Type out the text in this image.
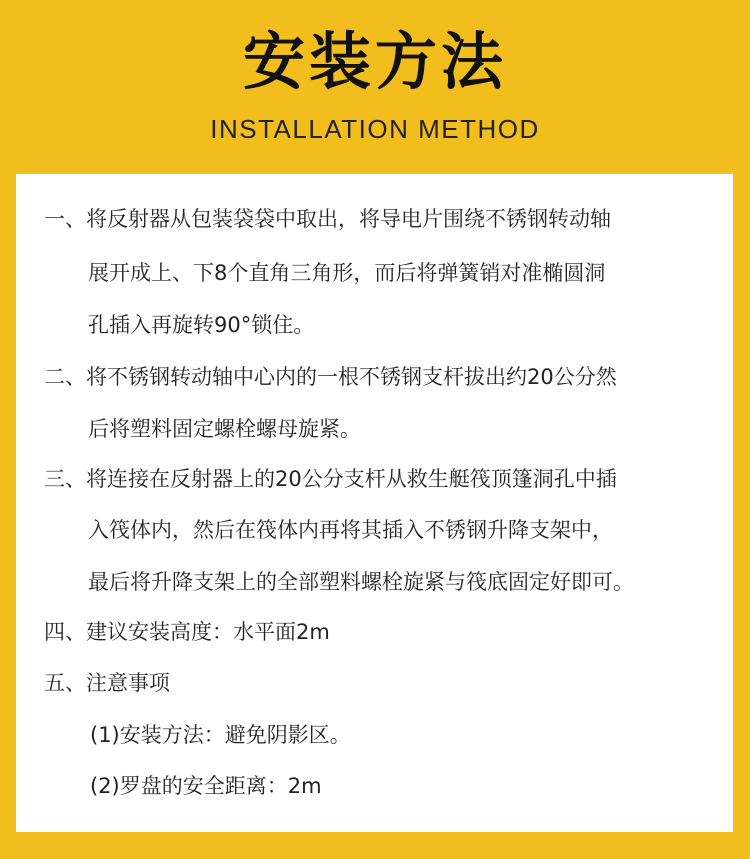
安装方法
INSTALLATION METHOD
一、将反射器从包装袋袋中取出，将导电片围绕不锈钢转动轴
展开成上、下8个直角三角形，而后将弹簧销对准椭圆洞
孔插入再旋转90°锁住。
二、将不锈钢转动轴中心内的一根不锈钢支杆拔出约20公分然
后将塑料固定螺栓螺母旋紧。
三、将连接在反射器上的20公分支杆从救生艇筏顶篷洞孔中插
入筏体内，然后在筏体内再将其插入不锈钢升降支架中，
最后将升降支架上的全部塑料螺栓旋紧与筏底固定好即可。
四、建议安装高度：水平面2m
五、注意事项
(1)安装方法：避免阴影区。
(2)罗盘的安全距离：2m
